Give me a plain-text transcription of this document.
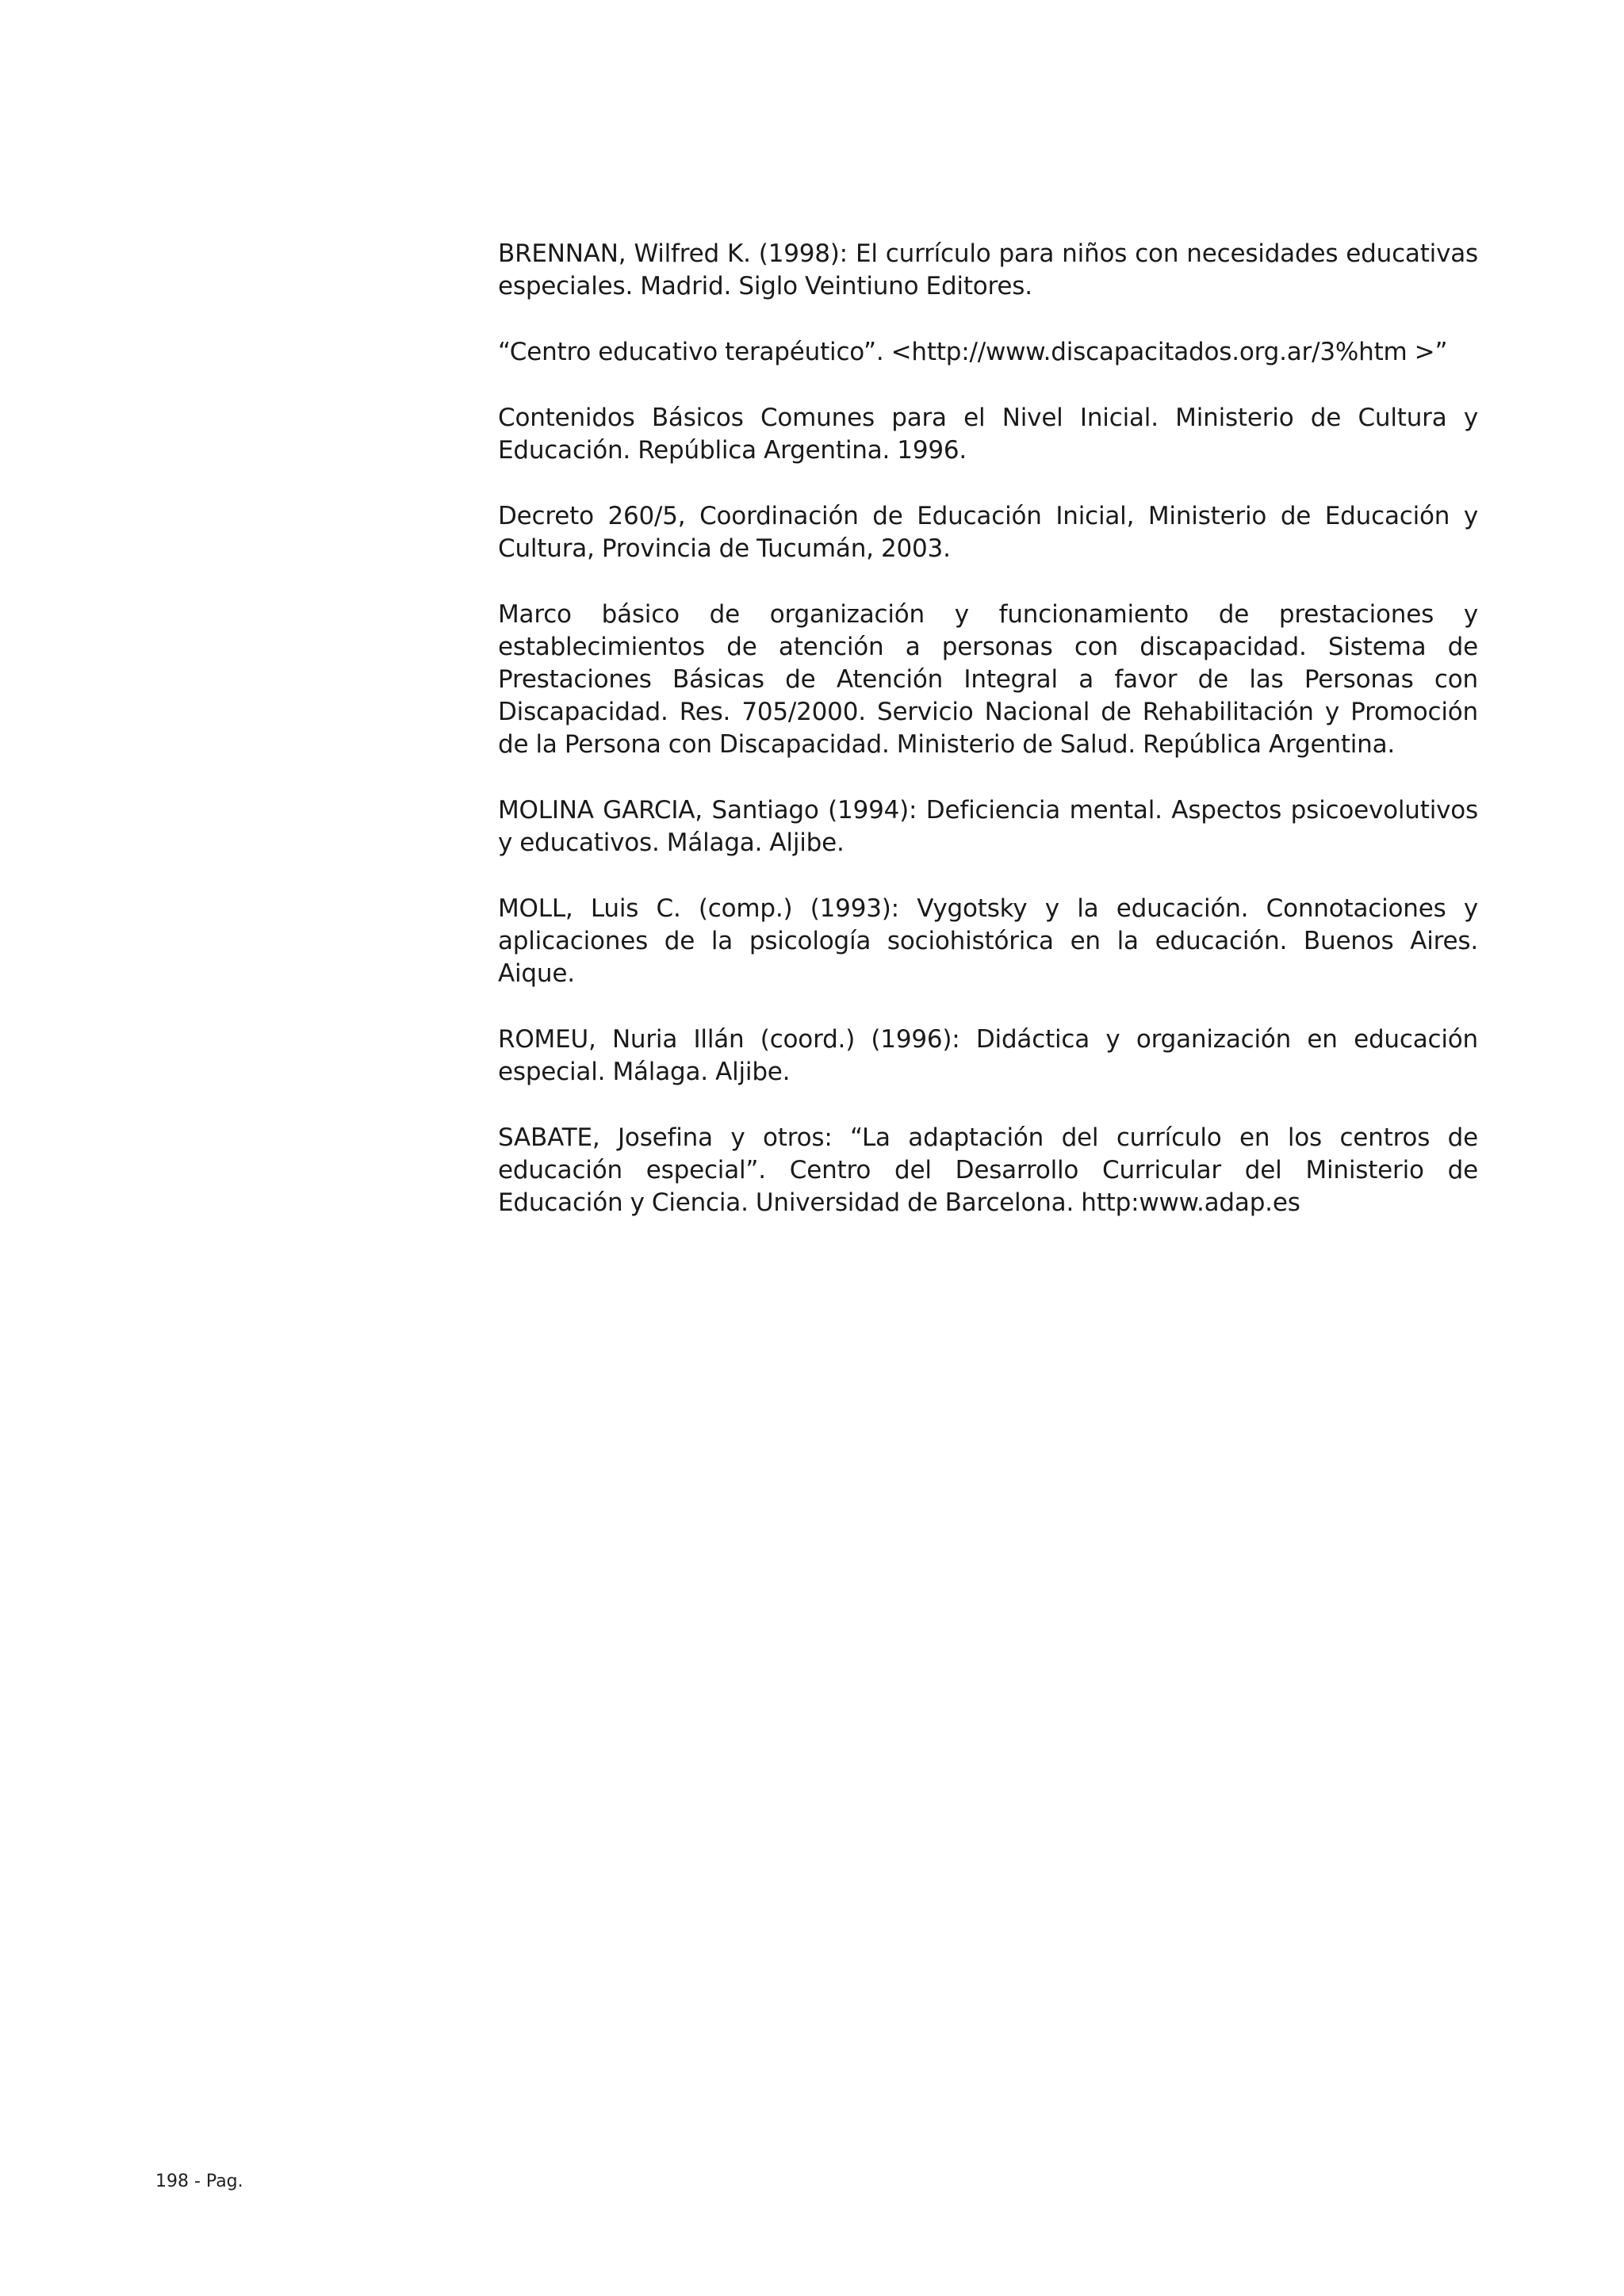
BRENNAN, Wilfred K. (1998): El currículo para niños con necesidades educativas especiales. Madrid. Siglo Veintiuno Editores.

“Centro educativo terapéutico”. <http://www.discapacitados.org.ar/3%htm >”

Contenidos Básicos Comunes para el Nivel Inicial. Ministerio de Cultura y Educación. República Argentina. 1996.

Decreto 260/5, Coordinación de Educación Inicial, Ministerio de Educación y Cultura, Provincia de Tucumán, 2003.

Marco básico de organización y funcionamiento de prestaciones y establecimientos de atención a personas con discapacidad. Sistema de Prestaciones Básicas de Atención Integral a favor de las Personas con Discapacidad. Res. 705/2000. Servicio Nacional de Rehabilitación y Promoción de la Persona con Discapacidad. Ministerio de Salud. República Argentina.

MOLINA GARCIA, Santiago (1994): Deficiencia mental. Aspectos psicoevolutivos y educativos. Málaga. Aljibe.

MOLL, Luis C. (comp.) (1993): Vygotsky y la educación. Connotaciones y aplicaciones de la psicología sociohistórica en la educación. Buenos Aires. Aique.

ROMEU, Nuria Illán (coord.) (1996): Didáctica y organización en educación especial. Málaga. Aljibe.

SABATE, Josefina y otros: “La adaptación del currículo en los centros de educación especial”. Centro del Desarrollo Curricular del Ministerio de Educación y Ciencia. Universidad de Barcelona. http:www.adap.es

198 - Pag.
